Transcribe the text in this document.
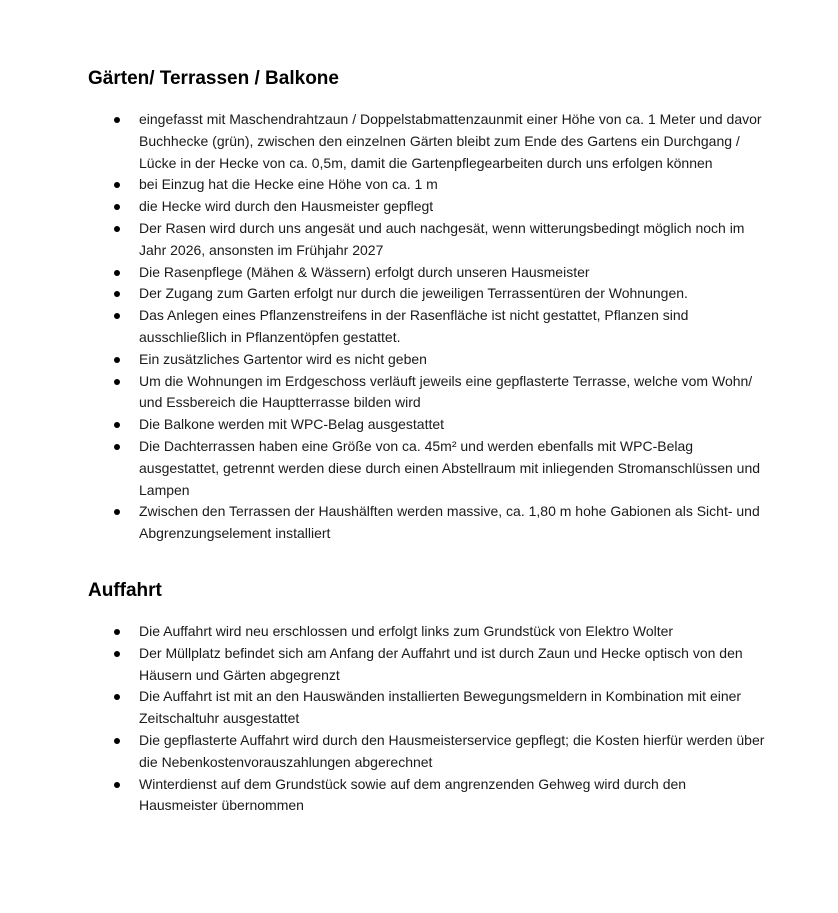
Gärten/ Terrassen / Balkone
eingefasst mit Maschendrahtzaun / Doppelstabmattenzaunmit einer Höhe von ca. 1 Meter und davor Buchhecke (grün), zwischen den einzelnen Gärten bleibt zum Ende des Gartens ein Durchgang / Lücke in der Hecke von ca. 0,5m, damit die Gartenpflegearbeiten durch uns erfolgen können
bei Einzug hat die Hecke eine Höhe von ca. 1 m
die Hecke wird durch den Hausmeister gepflegt
Der Rasen wird durch uns angesät und auch nachgesät, wenn witterungsbedingt möglich noch im Jahr 2026, ansonsten im Frühjahr 2027
Die Rasenpflege (Mähen & Wässern) erfolgt durch unseren Hausmeister
Der Zugang zum Garten erfolgt nur durch die jeweiligen Terrassentüren der Wohnungen.
Das Anlegen eines Pflanzenstreifens in der Rasenfläche ist nicht gestattet, Pflanzen sind ausschließlich in Pflanzentöpfen gestattet.
Ein zusätzliches Gartentor wird es nicht geben
Um die Wohnungen im Erdgeschoss verläuft jeweils eine gepflasterte Terrasse, welche vom Wohn/ und Essbereich die Hauptterrasse bilden wird
Die Balkone werden mit WPC-Belag ausgestattet
Die Dachterrassen haben eine Größe von ca. 45m² und werden ebenfalls mit WPC-Belag ausgestattet, getrennt werden diese durch einen Abstellraum mit inliegenden Stromanschlüssen und Lampen
Zwischen den Terrassen der Haushälften werden massive, ca. 1,80 m hohe Gabionen als Sicht- und Abgrenzungselement installiert
Auffahrt
Die Auffahrt wird neu erschlossen und erfolgt links zum Grundstück von Elektro Wolter
Der Müllplatz befindet sich am Anfang der Auffahrt und ist durch Zaun und Hecke optisch von den Häusern und Gärten abgegrenzt
Die Auffahrt ist mit an den Hauswänden installierten Bewegungsmeldern in Kombination mit einer Zeitschaltuhr ausgestattet
Die gepflasterte Auffahrt wird durch den Hausmeisterservice gepflegt; die Kosten hierfür werden über die Nebenkostenvorauszahlungen abgerechnet
Winterdienst auf dem Grundstück sowie auf dem angrenzenden Gehweg wird durch den Hausmeister übernommen
